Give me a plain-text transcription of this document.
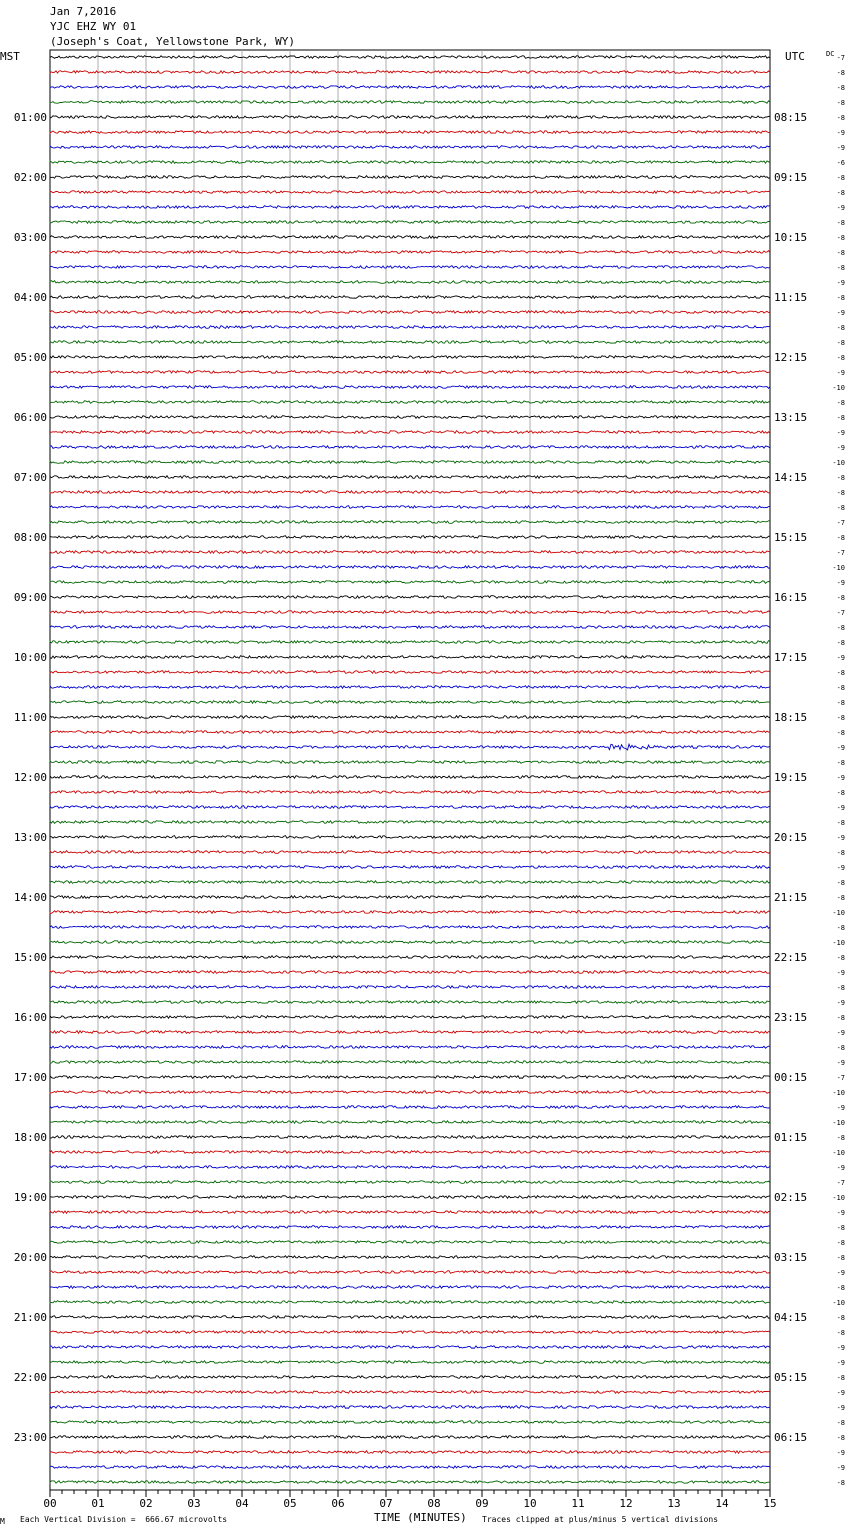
Jan 7,2016
YJC EHZ WY 01
(Joseph's Coat, Yellowstone Park, WY)
MST	UTC	DC
01:00
02:00
03:00
04:00
05:00
06:00
07:00
08:00
09:00
10:00
11:00
12:00
13:00
14:00
15:00
16:00
17:00
18:00
19:00
20:00
21:00
22:00
23:00
08:15
09:15
10:15
11:15
12:15
13:15
14:15
15:15
16:15
17:15
18:15
19:15
20:15
21:15
22:15
23:15
00:15
01:15
02:15
03:15
04:15
05:15
06:15
-7
-8
-8
-8
-8
-9
-9
-6
-8
-8
-9
-8
-8
-8
-8
-9
-8
-9
-8
-8
-8
-9
-10
-8
-8
-9
-9
-10
-8
-8
-8
-7
-8
-7
-10
-9
-8
-7
-8
-8
-9
-8
-8
-8
-8
-8
-9
-8
-9
-8
-9
-8
-9
-8
-9
-8
-8
-10
-8
-10
-8
-9
-8
-9
-8
-9
-8
-9
-7
-10
-9
-10
-8
-10
-9
-7
-10
-9
-8
-8
-8
-9
-8
-10
-8
-8
-9
-9
-8
-9
-9
-8
-8
-9
-9
-8
00	01	02	03	04	05	06	07	08	09	10	11	12	13	14	15
M Each Vertical Division =  666.67 microvolts	TIME (MINUTES) Traces clipped at plus/minus 5 vertical divisions
